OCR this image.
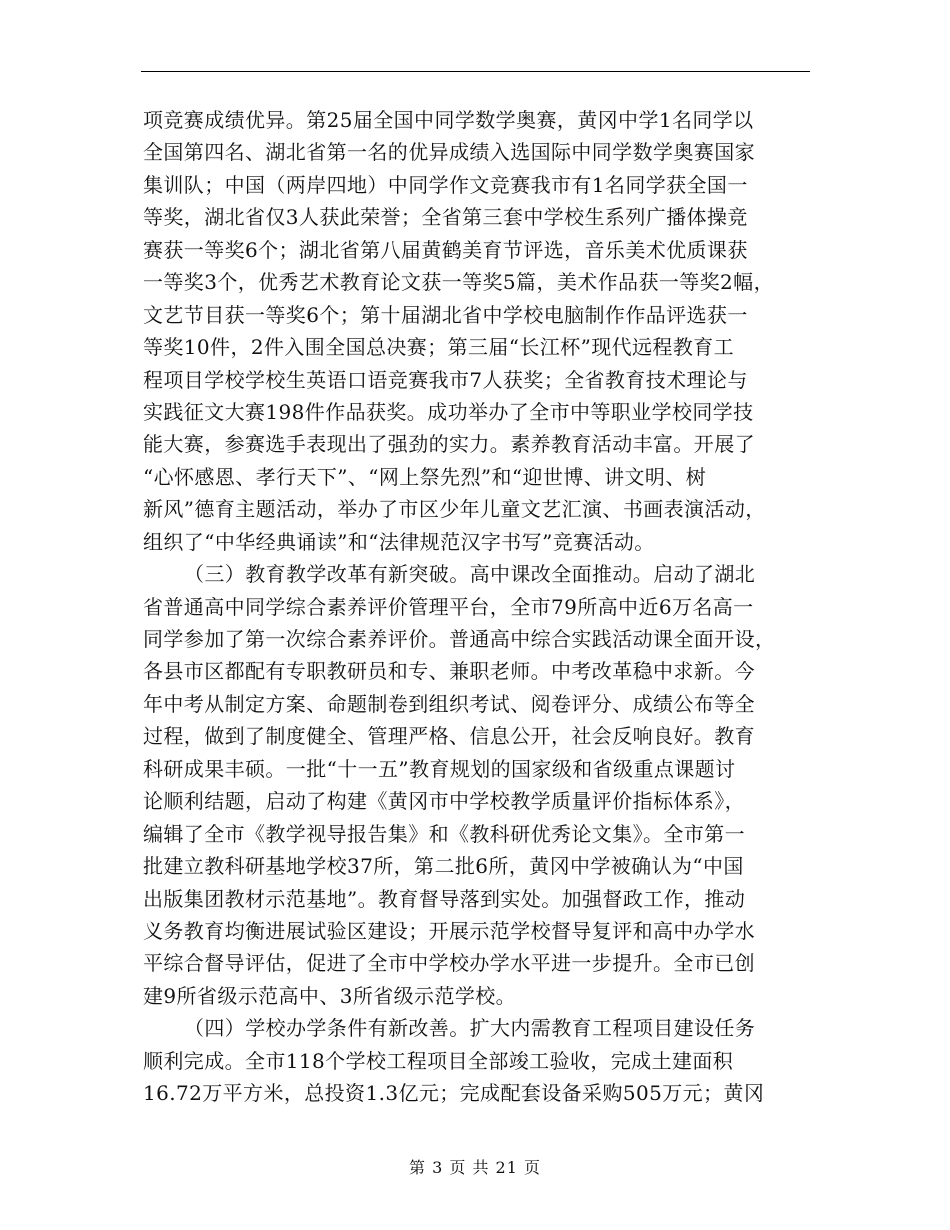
项竞赛成绩优异。第25届全国中同学数学奥赛，黄冈中学1名同学以
全国第四名、湖北省第一名的优异成绩入选国际中同学数学奥赛国家
集训队；中国（两岸四地）中同学作文竞赛我市有1名同学获全国一
等奖，湖北省仅3人获此荣誉；全省第三套中学校生系列广播体操竞
赛获一等奖6个；湖北省第八届黄鹤美育节评选，音乐美术优质课获
一等奖3个，优秀艺术教育论文获一等奖5篇，美术作品获一等奖2幅，
文艺节目获一等奖6个；第十届湖北省中学校电脑制作作品评选获一
等奖10件，2件入围全国总决赛；第三届“长江杯”现代远程教育工
程项目学校学校生英语口语竞赛我市7人获奖；全省教育技术理论与
实践征文大赛198件作品获奖。成功举办了全市中等职业学校同学技
能大赛，参赛选手表现出了强劲的实力。素养教育活动丰富。开展了
“心怀感恩、孝行天下”、“网上祭先烈”和“迎世博、讲文明、树
新风”德育主题活动，举办了市区少年儿童文艺汇演、书画表演活动，
组织了“中华经典诵读”和“法律规范汉字书写”竞赛活动。
（三）教育教学改革有新突破。高中课改全面推动。启动了湖北
省普通高中同学综合素养评价管理平台，全市79所高中近6万名高一
同学参加了第一次综合素养评价。普通高中综合实践活动课全面开设，
各县市区都配有专职教研员和专、兼职老师。中考改革稳中求新。今
年中考从制定方案、命题制卷到组织考试、阅卷评分、成绩公布等全
过程，做到了制度健全、管理严格、信息公开，社会反响良好。教育
科研成果丰硕。一批“十一五”教育规划的国家级和省级重点课题讨
论顺利结题，启动了构建《黄冈市中学校教学质量评价指标体系》，
编辑了全市《教学视导报告集》和《教科研优秀论文集》。全市第一
批建立教科研基地学校37所，第二批6所，黄冈中学被确认为“中国
出版集团教材示范基地”。教育督导落到实处。加强督政工作，推动
义务教育均衡进展试验区建设；开展示范学校督导复评和高中办学水
平综合督导评估，促进了全市中学校办学水平进一步提升。全市已创
建9所省级示范高中、3所省级示范学校。
（四）学校办学条件有新改善。扩大内需教育工程项目建设任务
顺利完成。全市118个学校工程项目全部竣工验收，完成土建面积
16.72万平方米，总投资1.3亿元；完成配套设备采购505万元；黄冈
第 3 页 共 21 页
